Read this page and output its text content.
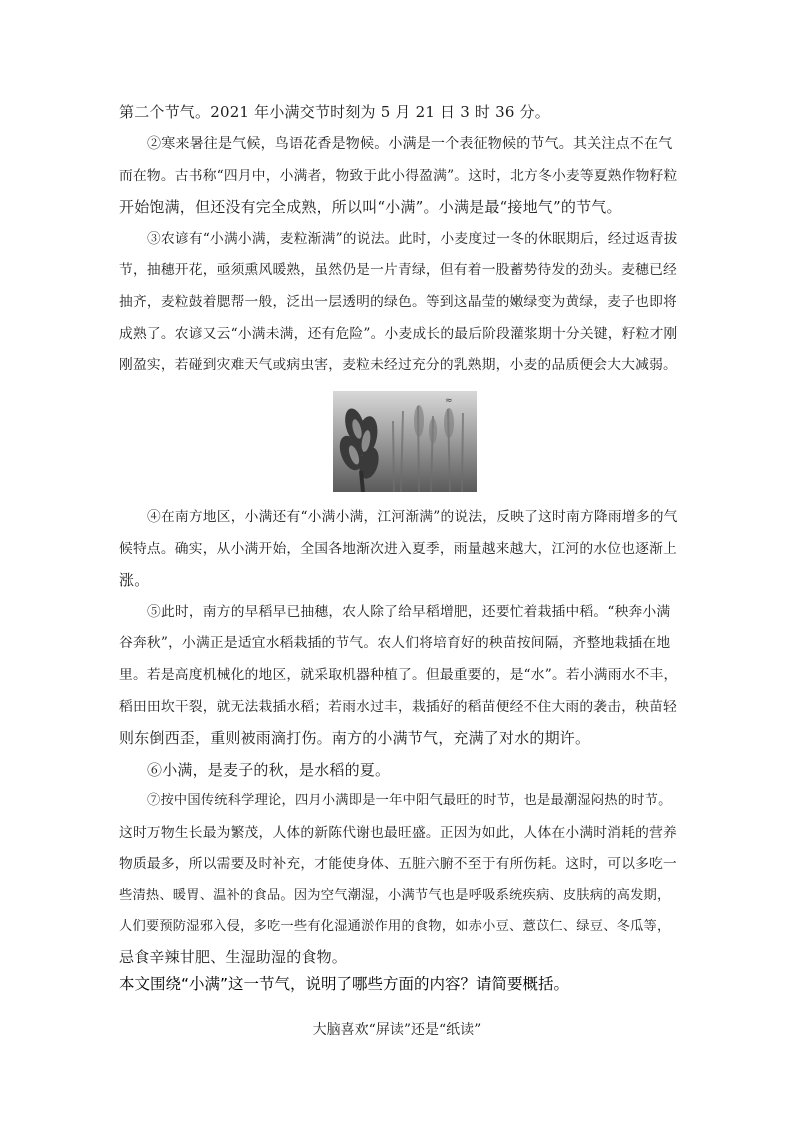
第二个节气。2021 年小满交节时刻为 5 月 21 日 3 时 36 分。
②寒来暑往是气候，鸟语花香是物候。小满是一个表征物候的节气。其关注点不在气
而在物。古书称“四月中，小满者，物致于此小得盈满”。这时，北方冬小麦等夏熟作物籽粒
开始饱满，但还没有完全成熟，所以叫“小满”。小满是最“接地气”的节气。
③农谚有“小满小满，麦粒渐满”的说法。此时，小麦度过一冬的休眠期后，经过返青拔
节，抽穗开花，亟须熏风暖熟，虽然仍是一片青绿，但有着一股蓄势待发的劲头。麦穗已经
抽齐，麦粒鼓着腮帮一般，泛出一层透明的绿色。等到这晶莹的嫩绿变为黄绿，麦子也即将
成熟了。农谚又云“小满未满，还有危险”。小麦成长的最后阶段灌浆期十分关键，籽粒才刚
刚盈实，若碰到灾难天气或病虫害，麦粒未经过充分的乳熟期，小麦的品质便会大大减弱。
≈
④在南方地区，小满还有“小满小满，江河渐满”的说法，反映了这时南方降雨增多的气
候特点。确实，从小满开始，全国各地渐次进入夏季，雨量越来越大，江河的水位也逐渐上
涨。
⑤此时，南方的早稻早已抽穗，农人除了给早稻增肥，还要忙着栽插中稻。“秧奔小满
谷奔秋”，小满正是适宜水稻栽插的节气。农人们将培育好的秧苗按间隔，齐整地栽插在地
里。若是高度机械化的地区，就采取机器种植了。但最重要的，是“水”。若小满雨水不丰，
稻田田坎干裂，就无法栽插水稻；若雨水过丰，栽插好的稻苗便经不住大雨的袭击，秧苗轻
则东倒西歪，重则被雨滴打伤。南方的小满节气，充满了对水的期许。
⑥小满，是麦子的秋，是水稻的夏。
⑦按中国传统科学理论，四月小满即是一年中阳气最旺的时节，也是最潮湿闷热的时节。
这时万物生长最为繁茂，人体的新陈代谢也最旺盛。正因为如此，人体在小满时消耗的营养
物质最多，所以需要及时补充，才能使身体、五脏六腑不至于有所伤耗。这时，可以多吃一
些清热、暖胃、温补的食品。因为空气潮湿，小满节气也是呼吸系统疾病、皮肤病的高发期，
人们要预防湿邪入侵，多吃一些有化湿通淤作用的食物，如赤小豆、薏苡仁、绿豆、冬瓜等，
忌食辛辣甘肥、生湿助湿的食物。
本文围绕“小满”这一节气，说明了哪些方面的内容？请简要概括。
大脑喜欢“屏读”还是“纸读”
